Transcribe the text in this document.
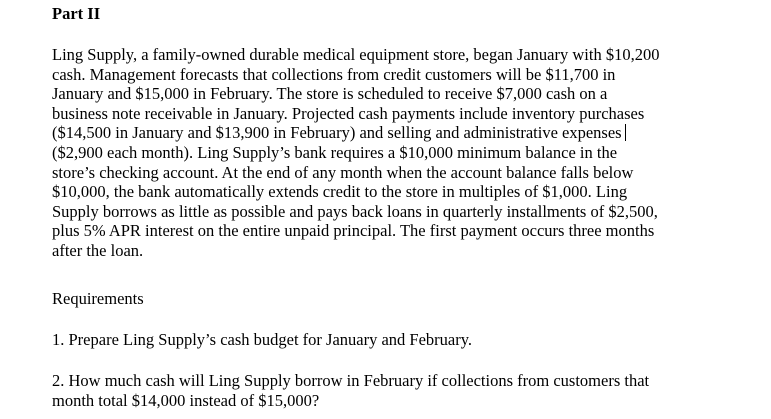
Part II

Ling Supply, a family-owned durable medical equipment store, began January with $10,200
cash. Management forecasts that collections from credit customers will be $11,700 in
January and $15,000 in February. The store is scheduled to receive $7,000 cash on a
business note receivable in January. Projected cash payments include inventory purchases
($14,500 in January and $13,900 in February) and selling and administrative expenses
($2,900 each month). Ling Supply’s bank requires a $10,000 minimum balance in the
store’s checking account. At the end of any month when the account balance falls below
$10,000, the bank automatically extends credit to the store in multiples of $1,000. Ling
Supply borrows as little as possible and pays back loans in quarterly installments of $2,500,
plus 5% APR interest on the entire unpaid principal. The first payment occurs three months
after the loan.

Requirements

1. Prepare Ling Supply’s cash budget for January and February.

2. How much cash will Ling Supply borrow in February if collections from customers that
month total $14,000 instead of $15,000?
